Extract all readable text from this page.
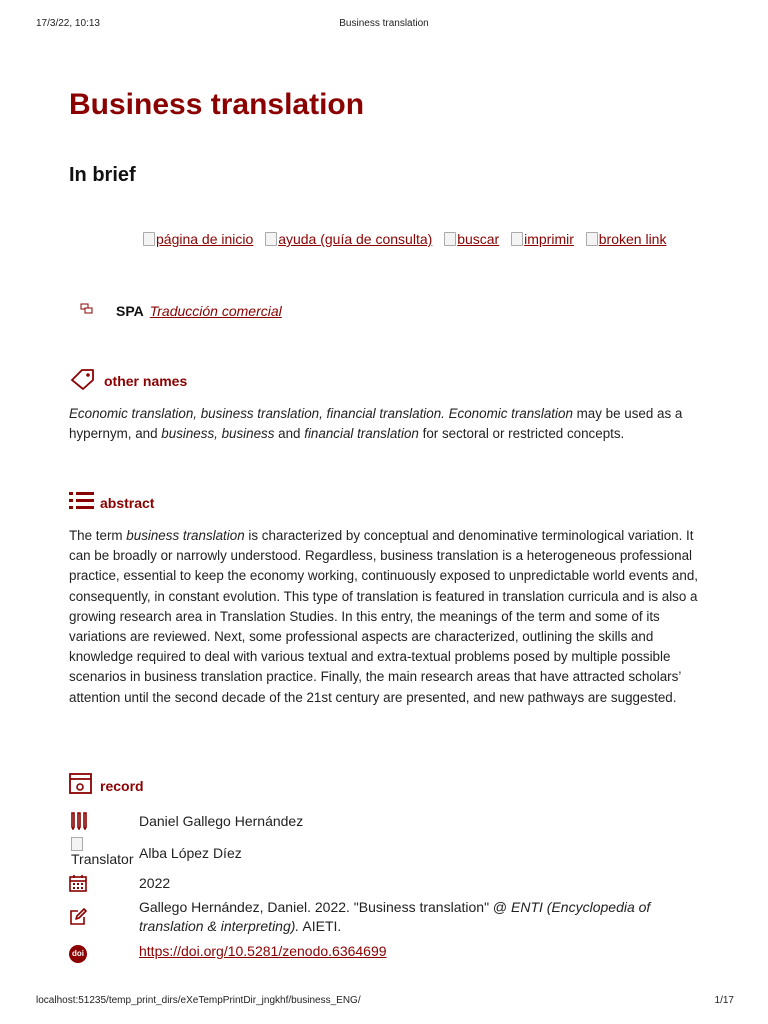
17/3/22, 10:13	Business translation
Business translation
In brief
página de inicio
ayuda (guía de consulta)
buscar
imprimir
broken link
SPA Traducción comercial
other names
Economic translation, business translation, financial translation. Economic translation may be used as a hypernym, and business, business and financial translation for sectoral or restricted concepts.
abstract
The term business translation is characterized by conceptual and denominative terminological variation. It can be broadly or narrowly understood. Regardless, business translation is a heterogeneous professional practice, essential to keep the economy working, continuously exposed to unpredictable world events and, consequently, in constant evolution. This type of translation is featured in translation curricula and is also a growing research area in Translation Studies. In this entry, the meanings of the term and some of its variations are reviewed. Next, some professional aspects are characterized, outlining the skills and knowledge required to deal with various textual and extra-textual problems posed by multiple possible scenarios in business translation practice. Finally, the main research areas that have attracted scholars’ attention until the second decade of the 21st century are presented, and new pathways are suggested.
record
Daniel Gallego Hernández
Translator Alba López Díez
2022
Gallego Hernández, Daniel. 2022. "Business translation" @ ENTI (Encyclopedia of translation & interpreting). AIETI.
doi	https://doi.org/10.5281/zenodo.6364699
localhost:51235/temp_print_dirs/eXeTempPrintDir_jngkhf/business_ENG/	1/17
